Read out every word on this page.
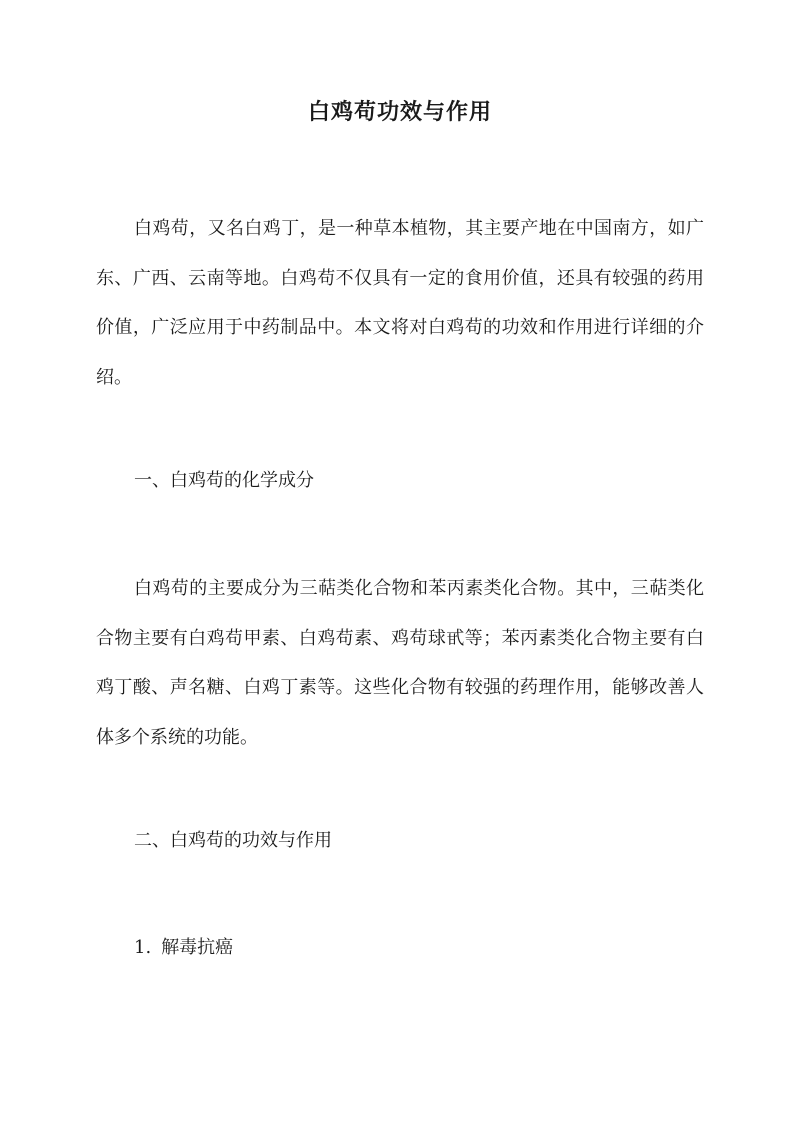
白鸡苟功效与作用

白鸡苟，又名白鸡丁，是一种草本植物，其主要产地在中国南方，如广东、广西、云南等地。白鸡苟不仅具有一定的食用价值，还具有较强的药用价值，广泛应用于中药制品中。本文将对白鸡苟的功效和作用进行详细的介绍。

一、白鸡苟的化学成分

白鸡苟的主要成分为三萜类化合物和苯丙素类化合物。其中，三萜类化合物主要有白鸡苟甲素、白鸡苟素、鸡苟球甙等；苯丙素类化合物主要有白鸡丁酸、声名糖、白鸡丁素等。这些化合物有较强的药理作用，能够改善人体多个系统的功能。

二、白鸡苟的功效与作用

1. 解毒抗癌
